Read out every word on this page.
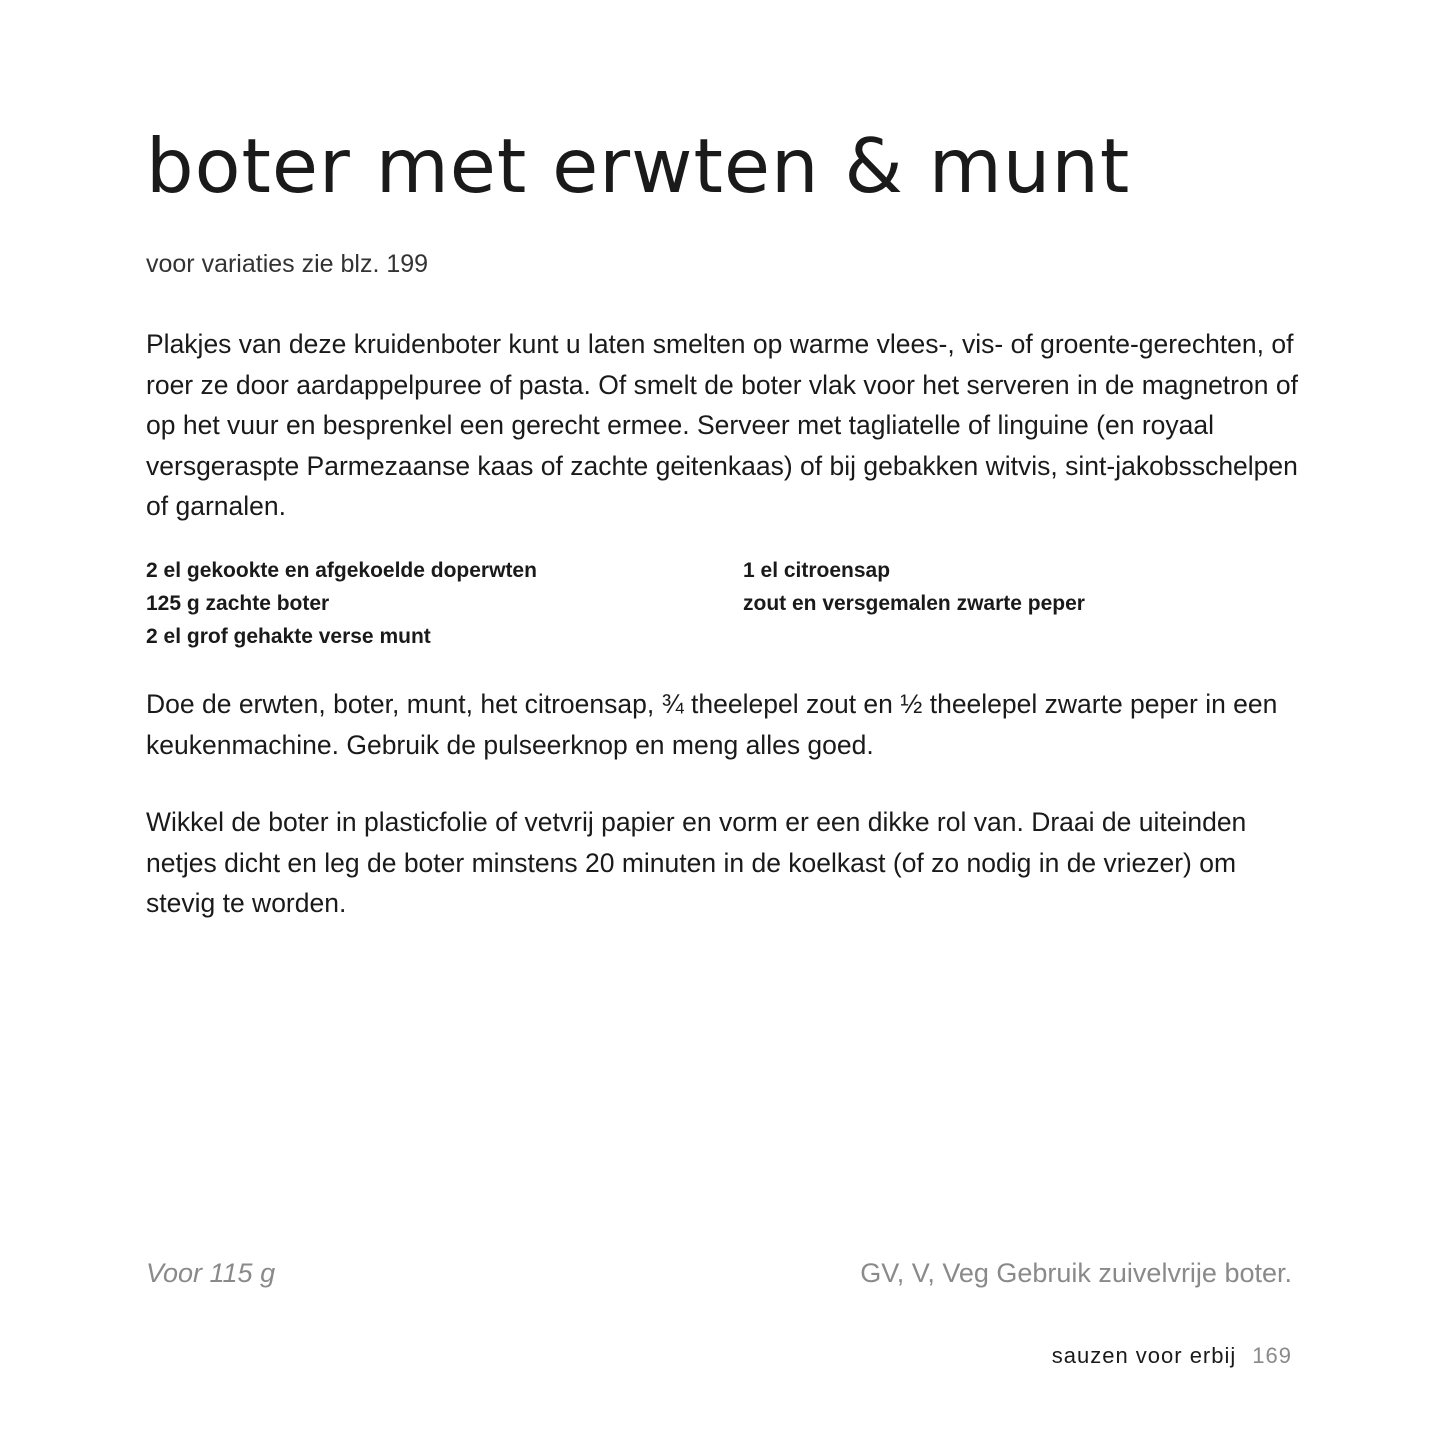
boter met erwten & munt
voor variaties zie blz. 199

Plakjes van deze kruidenboter kunt u laten smelten op warme vlees-, vis- of groente-gerechten, of roer ze door aardappelpuree of pasta. Of smelt de boter vlak voor het serveren in de magnetron of op het vuur en besprenkel een gerecht ermee. Serveer met tagliatelle of linguine (en royaal versgeraspte Parmezaanse kaas of zachte geitenkaas) of bij gebakken witvis, sint-jakobsschelpen of garnalen.

2 el gekookte en afgekoelde doperwten
125 g zachte boter
2 el grof gehakte verse munt
1 el citroensap
zout en versgemalen zwarte peper

Doe de erwten, boter, munt, het citroensap, ¾ theelepel zout en ½ theelepel zwarte peper in een keukenmachine. Gebruik de pulseerknop en meng alles goed.

Wikkel de boter in plasticfolie of vetvrij papier en vorm er een dikke rol van. Draai de uiteinden netjes dicht en leg de boter minstens 20 minuten in de koelkast (of zo nodig in de vriezer) om stevig te worden.

Voor 115 g	GV, V, Veg Gebruik zuivelvrije boter.
sauzen voor erbij 169
